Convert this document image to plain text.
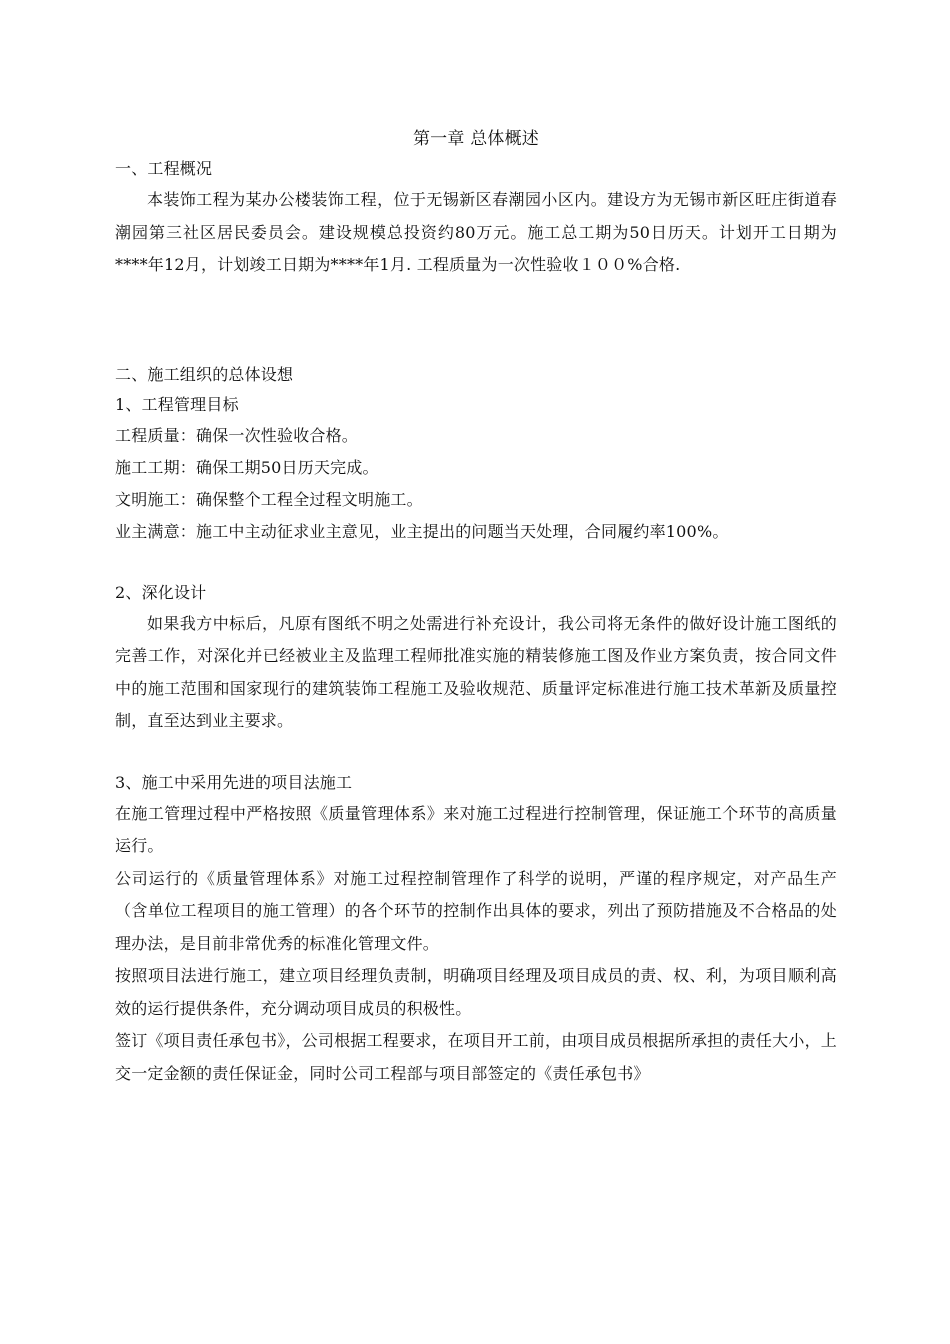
第一章 总体概述

一、工程概况

本装饰工程为某办公楼装饰工程，位于无锡新区春潮园小区内。建设方为无锡市新区旺庄街道春潮园第三社区居民委员会。建设规模总投资约80万元。施工总工期为50日历天。计划开工日期为****年12月，计划竣工日期为****年1月. 工程质量为一次性验收１００%合格.

二、施工组织的总体设想

1、工程管理目标

工程质量：确保一次性验收合格。

施工工期：确保工期50日历天完成。

文明施工：确保整个工程全过程文明施工。

业主满意：施工中主动征求业主意见，业主提出的问题当天处理，合同履约率100%。

2、深化设计

如果我方中标后，凡原有图纸不明之处需进行补充设计，我公司将无条件的做好设计施工图纸的完善工作，对深化并已经被业主及监理工程师批准实施的精装修施工图及作业方案负责，按合同文件中的施工范围和国家现行的建筑装饰工程施工及验收规范、质量评定标准进行施工技术革新及质量控制，直至达到业主要求。

3、施工中采用先进的项目法施工

在施工管理过程中严格按照《质量管理体系》来对施工过程进行控制管理，保证施工个环节的高质量运行。

公司运行的《质量管理体系》对施工过程控制管理作了科学的说明，严谨的程序规定，对产品生产（含单位工程项目的施工管理）的各个环节的控制作出具体的要求，列出了预防措施及不合格品的处理办法，是目前非常优秀的标准化管理文件。

按照项目法进行施工，建立项目经理负责制，明确项目经理及项目成员的责、权、利，为项目顺利高效的运行提供条件，充分调动项目成员的积极性。

签订《项目责任承包书》，公司根据工程要求，在项目开工前，由项目成员根据所承担的责任大小，上交一定金额的责任保证金，同时公司工程部与项目部签定的《责任承包书》
